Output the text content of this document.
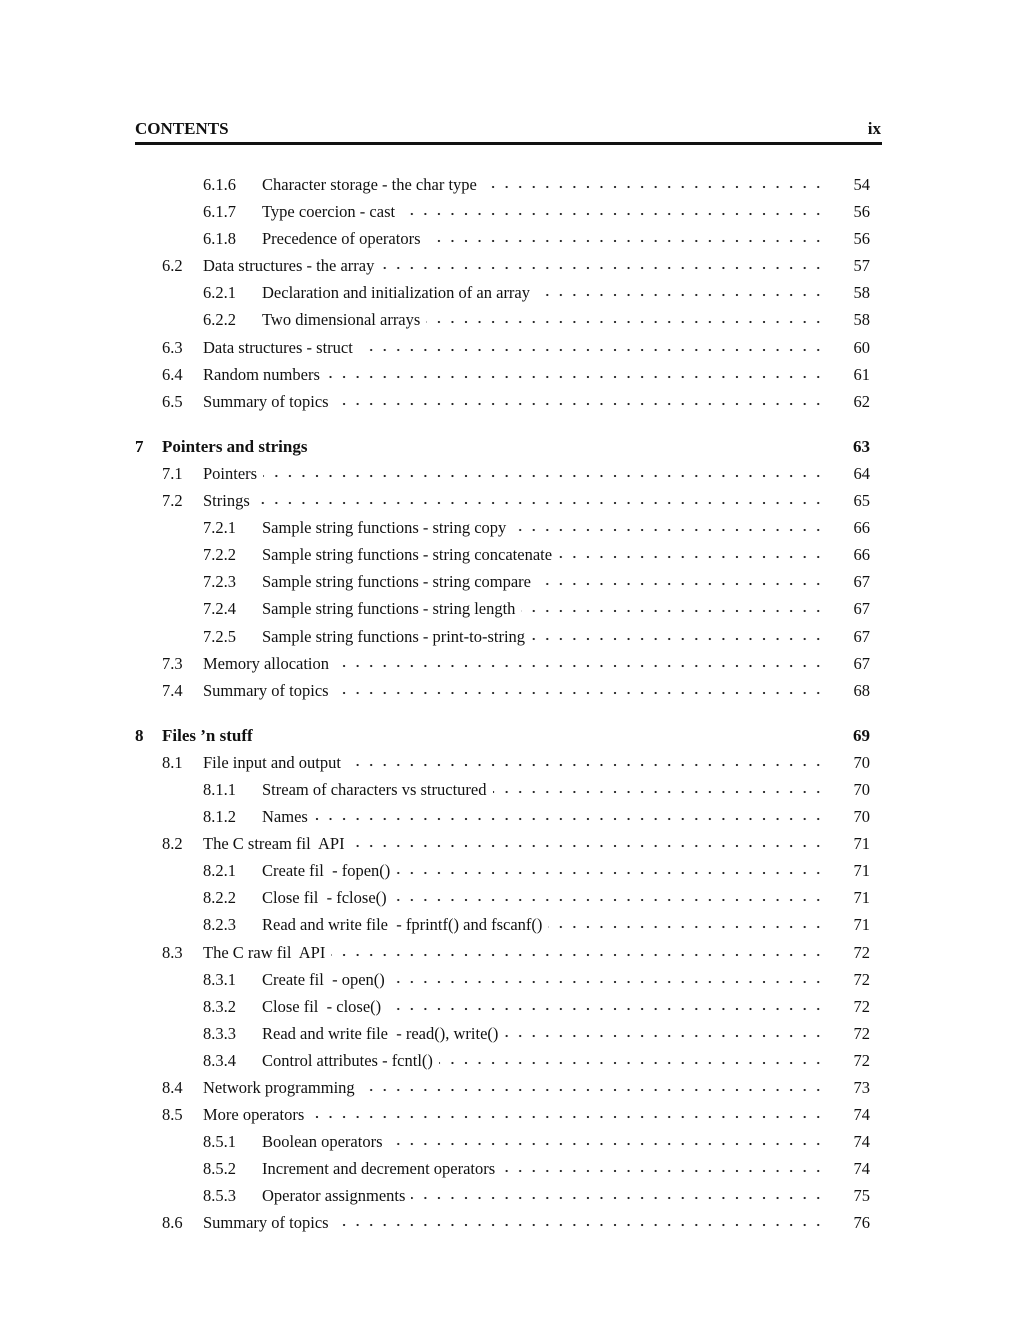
CONTENTS	ix
6.1.6 Character storage - the char type	54
6.1.7 Type coercion - cast	56
6.1.8 Precedence of operators	56
6.2 Data structures - the array	57
6.2.1 Declaration and initialization of an array	58
6.2.2 Two dimensional arrays	58
6.3 Data structures - struct	60
6.4 Random numbers	61
6.5 Summary of topics	62
7 Pointers and strings	63
7.1 Pointers	64
7.2 Strings	65
7.2.1 Sample string functions - string copy	66
7.2.2 Sample string functions - string concatenate	66
7.2.3 Sample string functions - string compare	67
7.2.4 Sample string functions - string length	67
7.2.5 Sample string functions - print-to-string	67
7.3 Memory allocation	67
7.4 Summary of topics	68
8 Files ’n stuff	69
8.1 File input and output	70
8.1.1 Stream of characters vs structured	70
8.1.2 Names	70
8.2 The C stream fil  API	71
8.2.1 Create fil  - fopen()	71
8.2.2 Close fil  - fclose()	71
8.2.3 Read and write file  - fprintf() and fscanf()	71
8.3 The C raw fil  API	72
8.3.1 Create fil  - open()	72
8.3.2 Close fil  - close()	72
8.3.3 Read and write file  - read(), write()	72
8.3.4 Control attributes - fcntl()	72
8.4 Network programming	73
8.5 More operators	74
8.5.1 Boolean operators	74
8.5.2 Increment and decrement operators	74
8.5.3 Operator assignments	75
8.6 Summary of topics	76
